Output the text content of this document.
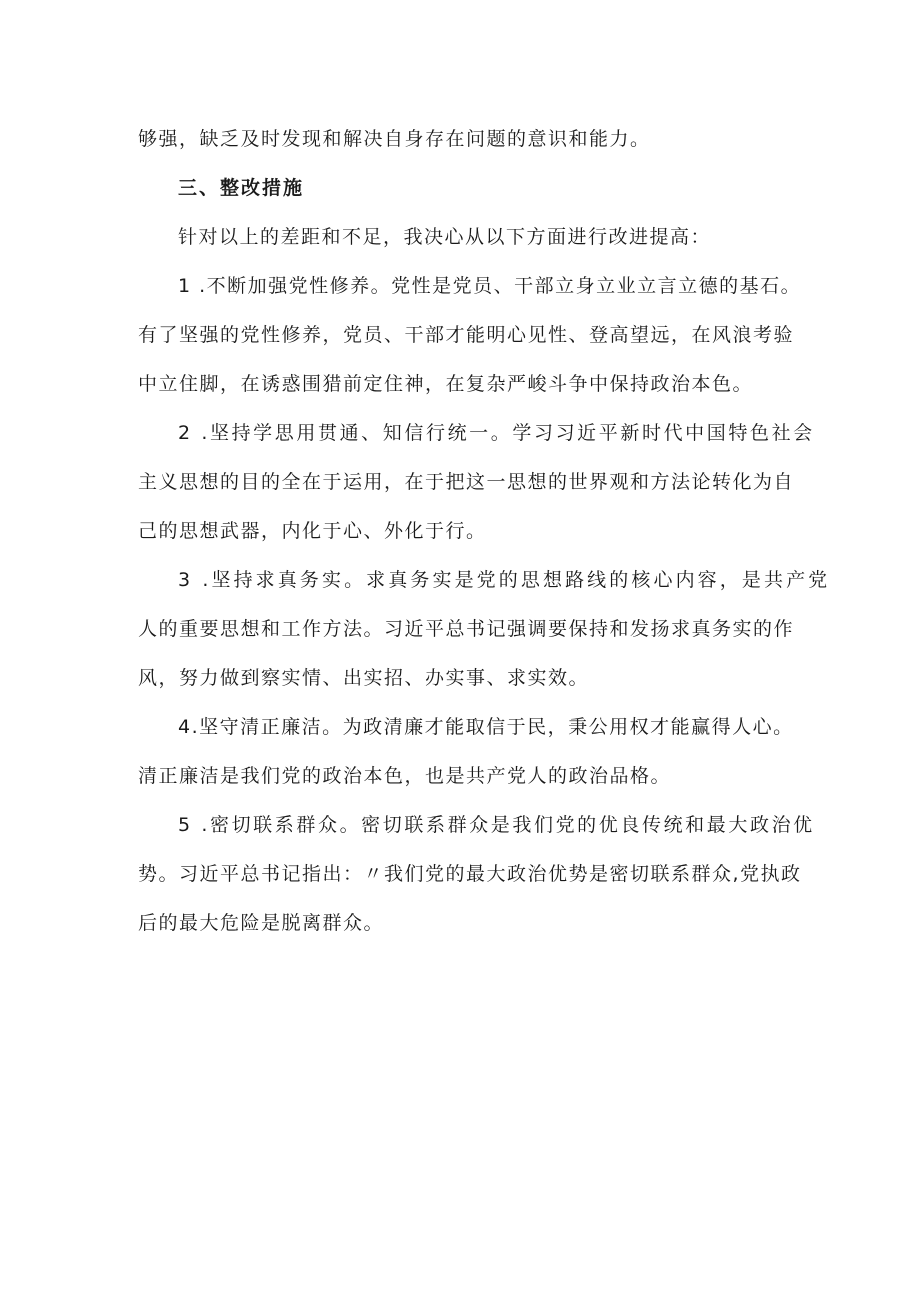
够强，缺乏及时发现和解决自身存在问题的意识和能力。
三、整改措施
针对以上的差距和不足，我决心从以下方面进行改进提高：
1 .不断加强党性修养。党性是党员、干部立身立业立言立德的基石。
有了坚强的党性修养，党员、干部才能明心见性、登高望远，在风浪考验
中立住脚，在诱惑围猎前定住神，在复杂严峻斗争中保持政治本色。
2 .坚持学思用贯通、知信行统一。学习习近平新时代中国特色社会
主义思想的目的全在于运用，在于把这一思想的世界观和方法论转化为自
己的思想武器，内化于心、外化于行。
3 .坚持求真务实。求真务实是党的思想路线的核心内容，是共产党
人的重要思想和工作方法。习近平总书记强调要保持和发扬求真务实的作
风，努力做到察实情、出实招、办实事、求实效。
4.坚守清正廉洁。为政清廉才能取信于民，秉公用权才能赢得人心。
清正廉洁是我们党的政治本色，也是共产党人的政治品格。
5 .密切联系群众。密切联系群众是我们党的优良传统和最大政治优
势。习近平总书记指出：〃我们党的最大政治优势是密切联系群众,党执政
后的最大危险是脱离群众。
